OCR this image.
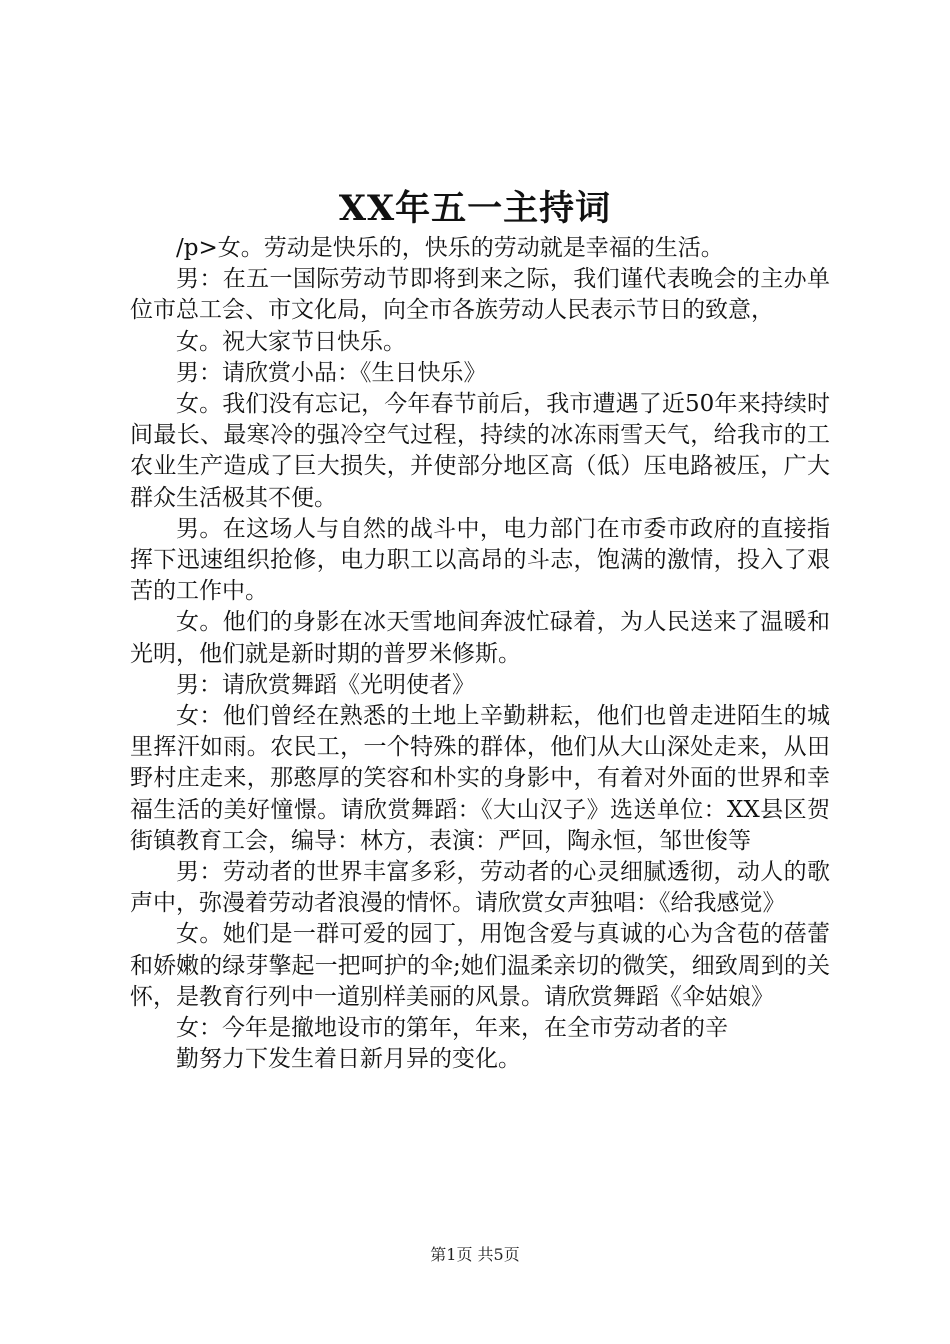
XX年五一主持词

/p>女。劳动是快乐的，快乐的劳动就是幸福的生活。

男：在五一国际劳动节即将到来之际，我们谨代表晚会的主办单位市总工会、市文化局，向全市各族劳动人民表示节日的致意，

女。祝大家节日快乐。

男：请欣赏小品：《生日快乐》

女。我们没有忘记，今年春节前后，我市遭遇了近50年来持续时间最长、最寒冷的强冷空气过程，持续的冰冻雨雪天气，给我市的工农业生产造成了巨大损失，并使部分地区高（低）压电路被压，广大群众生活极其不便。

男。在这场人与自然的战斗中，电力部门在市委市政府的直接指挥下迅速组织抢修，电力职工以高昂的斗志，饱满的激情，投入了艰苦的工作中。

女。他们的身影在冰天雪地间奔波忙碌着，为人民送来了温暖和光明，他们就是新时期的普罗米修斯。

男：请欣赏舞蹈《光明使者》

女：他们曾经在熟悉的土地上辛勤耕耘，他们也曾走进陌生的城里挥汗如雨。农民工，一个特殊的群体，他们从大山深处走来，从田野村庄走来，那憨厚的笑容和朴实的身影中，有着对外面的世界和幸福生活的美好憧憬。请欣赏舞蹈：《大山汉子》选送单位：XX县区贺街镇教育工会，编导：林方，表演：严回，陶永恒，邹世俊等

男：劳动者的世界丰富多彩，劳动者的心灵细腻透彻，动人的歌声中，弥漫着劳动者浪漫的情怀。请欣赏女声独唱：《给我感觉》

女。她们是一群可爱的园丁，用饱含爱与真诚的心为含苞的蓓蕾和娇嫩的绿芽擎起一把呵护的伞;她们温柔亲切的微笑，细致周到的关怀，是教育行列中一道别样美丽的风景。请欣赏舞蹈《伞姑娘》

女：今年是撤地设市的第年，年来，在全市劳动者的辛

勤努力下发生着日新月异的变化。

第1页 共5页
